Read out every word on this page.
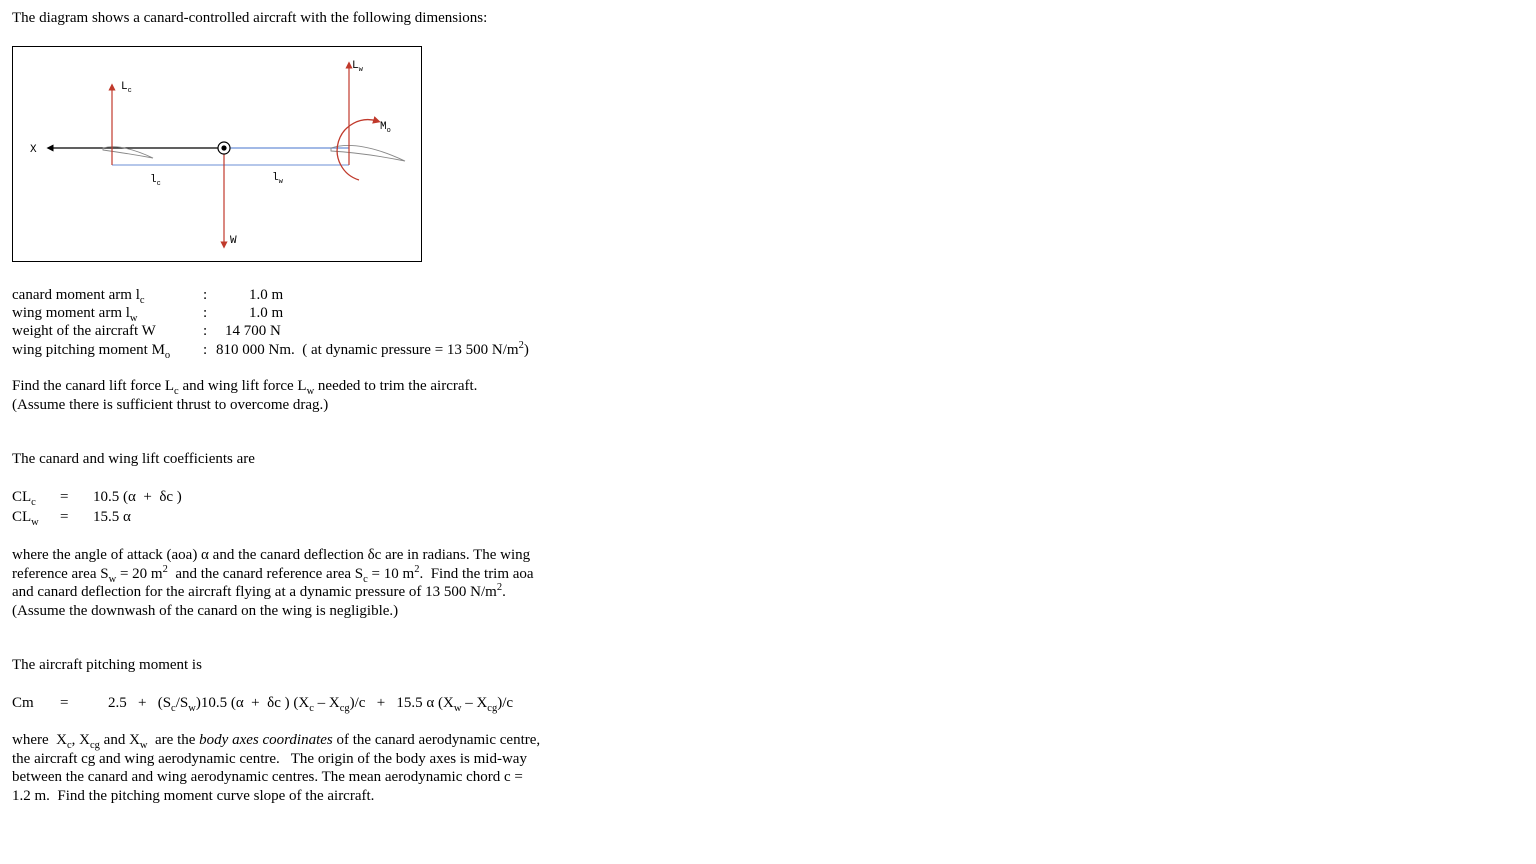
The diagram shows a canard-controlled aircraft with the following dimensions:
X
$L_c$
$L_w$
$M_o$
$l_c$	$l_w$
W
canard moment arm $l_c$	:	1.0 m
wing moment arm $l_w$	:	1.0 m
weight of the aircraft W	: 14 700 N
wing pitching moment $M_o$ : 810 000 Nm. ( at dynamic pressure = 13 500 $N/m^2$)
Find the canard lift force $L_c$ and wing lift force $L_w$ needed to trim the aircraft.
(Assume there is sufficient thrust to overcome drag.)
The canard and wing lift coefficients are
$CL_c = 10.5$ (α  +  δc )
$CL_w = 15.5$ α
where the angle of attack (aoa) α and the canard deflection δc are in radians. The wing
reference area $S_w = 20$ $m^2$  and the canard reference area $S_c = 10$ $m^2$.  Find the trim aoa
and canard deflection for the aircraft flying at a dynamic pressure of 13 500 $N/m^2$.
(Assume the downwash of the canard on the wing is negligible.)
The aircraft pitching moment is
Cm =	$2.5 + (S_c/S_w)10.5$ (α  +  δc ) $(X_c - X_{cg})/c + 15.5$ α $(X_w - X_{cg})/c$
where  $X_c$, $X_{cg}$ and $X_w$  are the body axes coordinates of the canard aerodynamic centre,
the aircraft cg and wing aerodynamic centre.   The origin of the body axes is mid-way
between the canard and wing aerodynamic centres. The mean aerodynamic chord c =
1.2 m.  Find the pitching moment curve slope of the aircraft.
